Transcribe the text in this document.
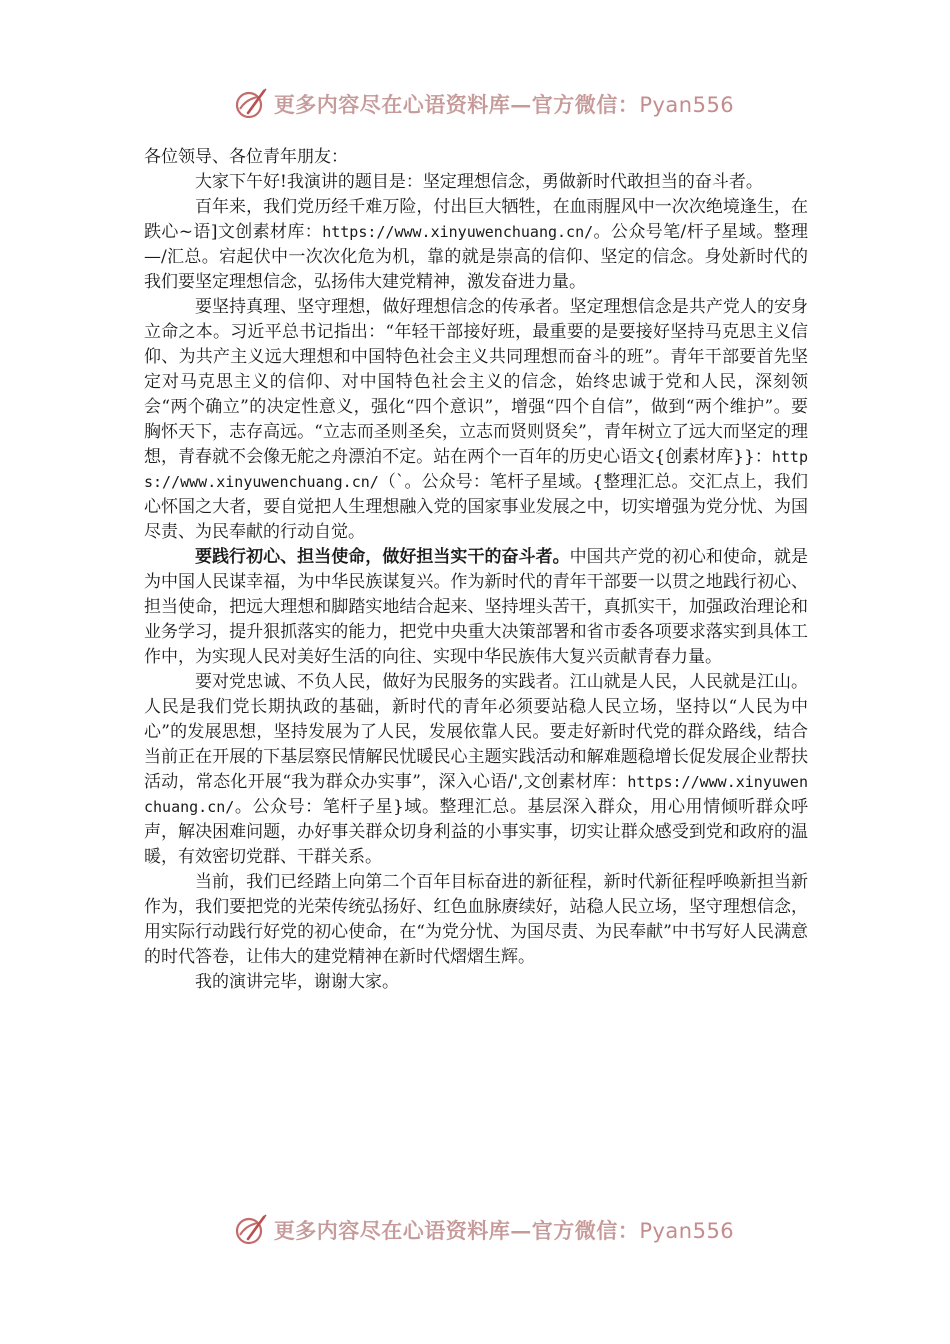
更多内容尽在心语资料库—官方微信：Pyan556

各位领导、各位青年朋友：

大家下午好!我演讲的题目是：坚定理想信念，勇做新时代敢担当的奋斗者。

百年来，我们党历经千难万险，付出巨大牺牲，在血雨腥风中一次次绝境逢生，在跌心~语]文创素材库：https://www.xinyuwenchuang.cn/。公众号笔/杆子星域。整理—/汇总。宕起伏中一次次化危为机，靠的就是崇高的信仰、坚定的信念。身处新时代的我们要坚定理想信念，弘扬伟大建党精神，激发奋进力量。

要坚持真理、坚守理想，做好理想信念的传承者。坚定理想信念是共产党人的安身立命之本。习近平总书记指出：“年轻干部接好班，最重要的是要接好坚持马克思主义信仰、为共产主义远大理想和中国特色社会主义共同理想而奋斗的班”。青年干部要首先坚定对马克思主义的信仰、对中国特色社会主义的信念，始终忠诚于党和人民，深刻领会“两个确立”的决定性意义，强化“四个意识”，增强“四个自信”，做到“两个维护”。要胸怀天下，志存高远。“立志而圣则圣矣，立志而贤则贤矣”，青年树立了远大而坚定的理想，青春就不会像无舵之舟漂泊不定。站在两个一百年的历史心语文{创素材库}}：https://www.xinyuwenchuang.cn/（`。公众号：笔杆子星域。{整理汇总。交汇点上，我们心怀国之大者，要自觉把人生理想融入党的国家事业发展之中，切实增强为党分忧、为国尽责、为民奉献的行动自觉。

要践行初心、担当使命，做好担当实干的奋斗者。中国共产党的初心和使命，就是为中国人民谋幸福，为中华民族谋复兴。作为新时代的青年干部要一以贯之地践行初心、担当使命，把远大理想和脚踏实地结合起来、坚持埋头苦干，真抓实干，加强政治理论和业务学习，提升狠抓落实的能力，把党中央重大决策部署和省市委各项要求落实到具体工作中，为实现人民对美好生活的向往、实现中华民族伟大复兴贡献青春力量。

要对党忠诚、不负人民，做好为民服务的实践者。江山就是人民，人民就是江山。人民是我们党长期执政的基础，新时代的青年必须要站稳人民立场，坚持以“人民为中心”的发展思想，坚持发展为了人民，发展依靠人民。要走好新时代党的群众路线，结合当前正在开展的下基层察民情解民忧暖民心主题实践活动和解难题稳增长促发展企业帮扶活动，常态化开展“我为群众办实事”，深入心语/',文创素材库：https://www.xinyuwenchuang.cn/。公众号：笔杆子星}域。整理汇总。基层深入群众，用心用情倾听群众呼声，解决困难问题，办好事关群众切身利益的小事实事，切实让群众感受到党和政府的温暖，有效密切党群、干群关系。

当前，我们已经踏上向第二个百年目标奋进的新征程，新时代新征程呼唤新担当新作为，我们要把党的光荣传统弘扬好、红色血脉赓续好，站稳人民立场，坚守理想信念，用实际行动践行好党的初心使命，在“为党分忧、为国尽责、为民奉献”中书写好人民满意的时代答卷，让伟大的建党精神在新时代熠熠生辉。

我的演讲完毕，谢谢大家。

更多内容尽在心语资料库—官方微信：Pyan556
